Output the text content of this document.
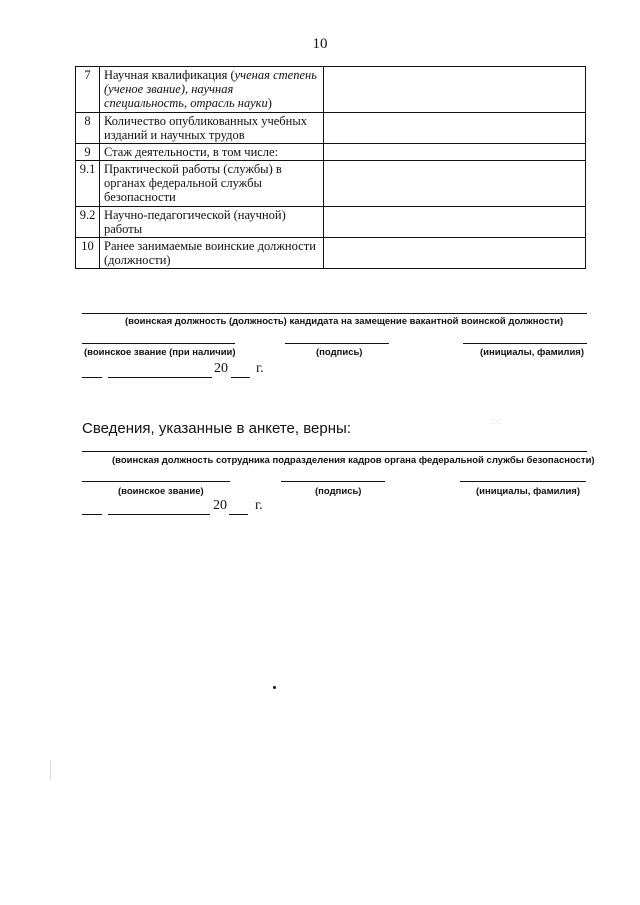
10
7	Научная квалификация (ученая степень (ученое звание), научная специальность, отрасль науки)	
8	Количество опубликованных учебных изданий и научных трудов	
9	Стаж деятельности, в том числе:	
9.1	Практической работы (службы) в органах федеральной службы безопасности	
9.2	Научно-педагогической (научной) работы	
10	Ранее занимаемые воинские должности (должности)	
(воинская должность (должность) кандидата на замещение вакантной воинской должности)
(воинское звание (при наличии)	(подпись)	(инициалы, фамилия)
20 г.
∴·∵
Сведения, указанные в анкете, верны:
(воинская должность сотрудника подразделения кадров органа федеральной службы безопасности)
(воинское звание)	(подпись)	(инициалы, фамилия)
20 г.
